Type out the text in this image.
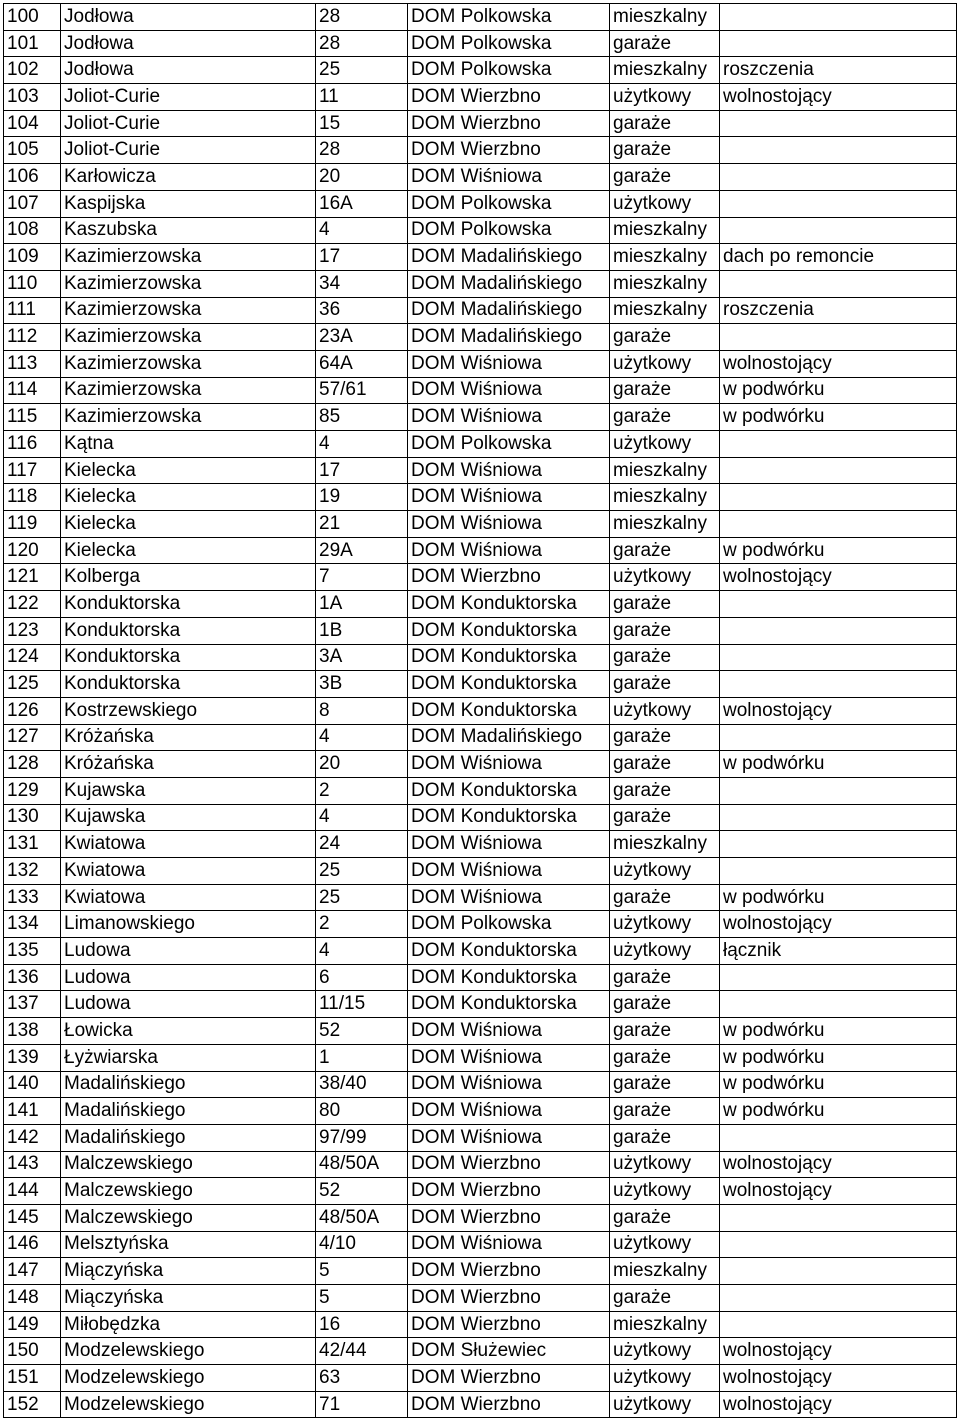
100	Jodłowa	28	DOM Polkowska	mieszkalny	
101	Jodłowa	28	DOM Polkowska	garaże	
102	Jodłowa	25	DOM Polkowska	mieszkalny	roszczenia
103	Joliot-Curie	11	DOM Wierzbno	użytkowy	wolnostojący
104	Joliot-Curie	15	DOM Wierzbno	garaże	
105	Joliot-Curie	28	DOM Wierzbno	garaże	
106	Karłowicza	20	DOM Wiśniowa	garaże	
107	Kaspijska	16A	DOM Polkowska	użytkowy	
108	Kaszubska	4	DOM Polkowska	mieszkalny	
109	Kazimierzowska	17	DOM Madalińskiego	mieszkalny	dach po remoncie
110	Kazimierzowska	34	DOM Madalińskiego	mieszkalny	
111	Kazimierzowska	36	DOM Madalińskiego	mieszkalny	roszczenia
112	Kazimierzowska	23A	DOM Madalińskiego	garaże	
113	Kazimierzowska	64A	DOM Wiśniowa	użytkowy	wolnostojący
114	Kazimierzowska	57/61	DOM Wiśniowa	garaże	w podwórku
115	Kazimierzowska	85	DOM Wiśniowa	garaże	w podwórku
116	Kątna	4	DOM Polkowska	użytkowy	
117	Kielecka	17	DOM Wiśniowa	mieszkalny	
118	Kielecka	19	DOM Wiśniowa	mieszkalny	
119	Kielecka	21	DOM Wiśniowa	mieszkalny	
120	Kielecka	29A	DOM Wiśniowa	garaże	w podwórku
121	Kolberga	7	DOM Wierzbno	użytkowy	wolnostojący
122	Konduktorska	1A	DOM Konduktorska	garaże	
123	Konduktorska	1B	DOM Konduktorska	garaże	
124	Konduktorska	3A	DOM Konduktorska	garaże	
125	Konduktorska	3B	DOM Konduktorska	garaże	
126	Kostrzewskiego	8	DOM Konduktorska	użytkowy	wolnostojący
127	Króżańska	4	DOM Madalińskiego	garaże	
128	Króżańska	20	DOM Wiśniowa	garaże	w podwórku
129	Kujawska	2	DOM Konduktorska	garaże	
130	Kujawska	4	DOM Konduktorska	garaże	
131	Kwiatowa	24	DOM Wiśniowa	mieszkalny	
132	Kwiatowa	25	DOM Wiśniowa	użytkowy	
133	Kwiatowa	25	DOM Wiśniowa	garaże	w podwórku
134	Limanowskiego	2	DOM Polkowska	użytkowy	wolnostojący
135	Ludowa	4	DOM Konduktorska	użytkowy	łącznik
136	Ludowa	6	DOM Konduktorska	garaże	
137	Ludowa	11/15	DOM Konduktorska	garaże	
138	Łowicka	52	DOM Wiśniowa	garaże	w podwórku
139	Łyżwiarska	1	DOM Wiśniowa	garaże	w podwórku
140	Madalińskiego	38/40	DOM Wiśniowa	garaże	w podwórku
141	Madalińskiego	80	DOM Wiśniowa	garaże	w podwórku
142	Madalińskiego	97/99	DOM Wiśniowa	garaże	
143	Malczewskiego	48/50A	DOM Wierzbno	użytkowy	wolnostojący
144	Malczewskiego	52	DOM Wierzbno	użytkowy	wolnostojący
145	Malczewskiego	48/50A	DOM Wierzbno	garaże	
146	Melsztyńska	4/10	DOM Wiśniowa	użytkowy	
147	Miączyńska	5	DOM Wierzbno	mieszkalny	
148	Miączyńska	5	DOM Wierzbno	garaże	
149	Miłobędzka	16	DOM Wierzbno	mieszkalny	
150	Modzelewskiego	42/44	DOM Służewiec	użytkowy	wolnostojący
151	Modzelewskiego	63	DOM Wierzbno	użytkowy	wolnostojący
152	Modzelewskiego	71	DOM Wierzbno	użytkowy	wolnostojący
